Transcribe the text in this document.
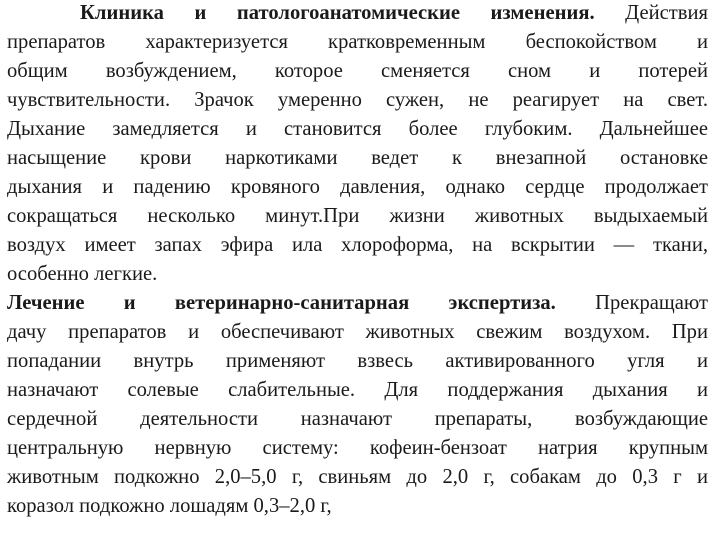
Клиника и патологоанатомические изменения. Действия
препаратов характеризуется кратковременным беспокойством и
общим возбуждением, которое сменяется сном и потерей
чувствительности. Зрачок умеренно сужен, не реагирует на свет.
Дыхание замедляется и становится более глубоким. Дальнейшее
насыщение крови наркотиками ведет к внезапной остановке
дыхания и падению кровяного давления, однако сердце продолжает
сокращаться несколько минут.При жизни животных выдыхаемый
воздух имеет запах эфира ила хлороформа, на вскрытии — ткани,
особенно легкие.
Лечение и ветеринарно-санитарная экспертиза. Прекращают
дачу препаратов и обеспечивают животных свежим воздухом. При
попадании внутрь применяют взвесь активированного угля и
назначают солевые слабительные. Для поддержания дыхания и
сердечной деятельности назначают препараты, возбуждающие
центральную нервную систему: кофеин-бензоат натрия крупным
животным подкожно 2,0–5,0 г, свиньям до 2,0 г, собакам до 0,3 г и
коразол подкожно лошадям 0,3–2,0 г,
